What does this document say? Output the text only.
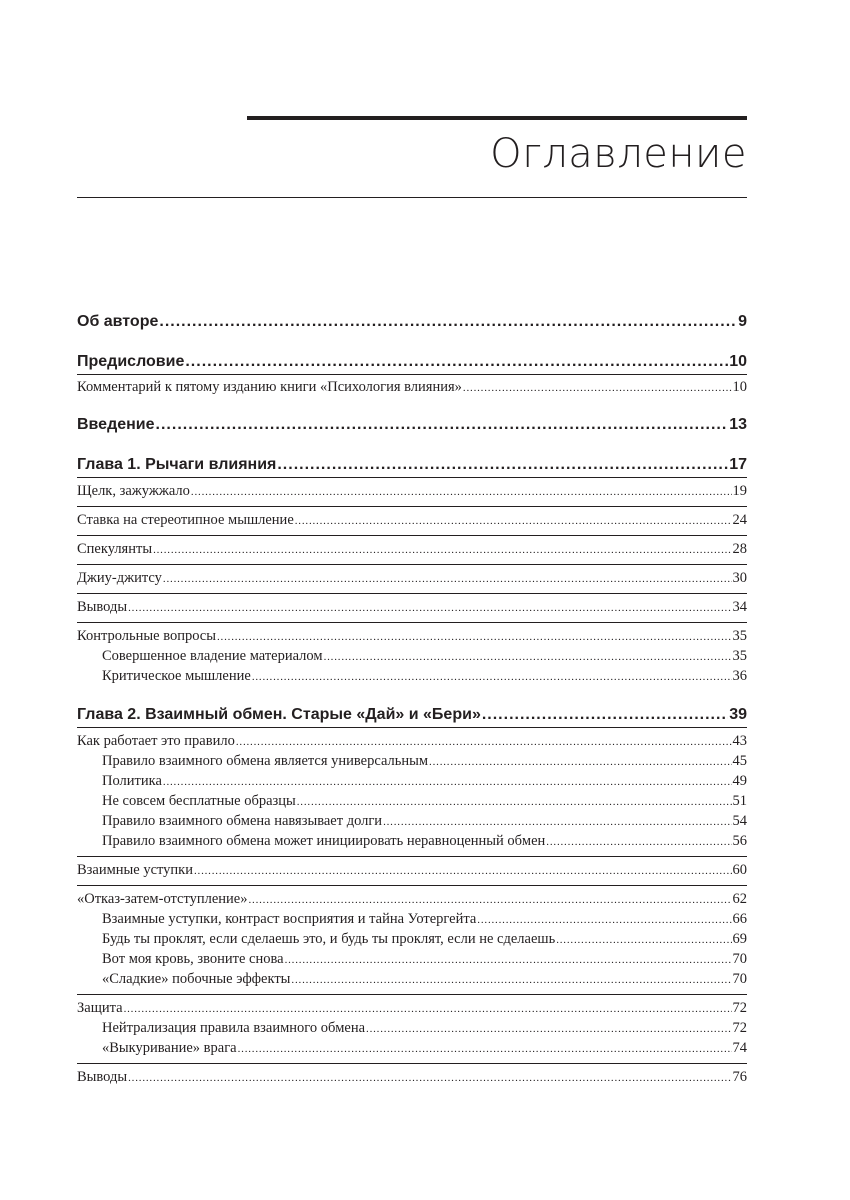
Оглавление
Об авторе .....	9
Предисловие .....	10
Комментарий к пятому изданию книги «Психология влияния» .....	10
Введение .....	13
Глава 1. Рычаги влияния .....	17
Щелк, зажужжало .....	19
Ставка на стереотипное мышление .....	24
Спекулянты .....	28
Джиу-джитсу .....	30
Выводы .....	34
Контрольные вопросы .....	35
Совершенное владение материалом .....	35
Критическое мышление .....	36
Глава 2. Взаимный обмен. Старые «Дай» и «Бери» .....	39
Как работает это правило .....	43
Правило взаимного обмена является универсальным .....	45
Политика .....	49
Не совсем бесплатные образцы .....	51
Правило взаимного обмена навязывает долги .....	54
Правило взаимного обмена может инициировать неравноценный обмен .....	56
Взаимные уступки .....	60
«Отказ-затем-отступление» .....	62
Взаимные уступки, контраст восприятия и тайна Уотергейта .....	66
Будь ты проклят, если сделаешь это, и будь ты проклят, если не сделаешь .....	69
Вот моя кровь, звоните снова .....	70
«Сладкие» побочные эффекты .....	70
Защита .....	72
Нейтрализация правила взаимного обмена .....	72
«Выкуривание» врага .....	74
Выводы .....	76
